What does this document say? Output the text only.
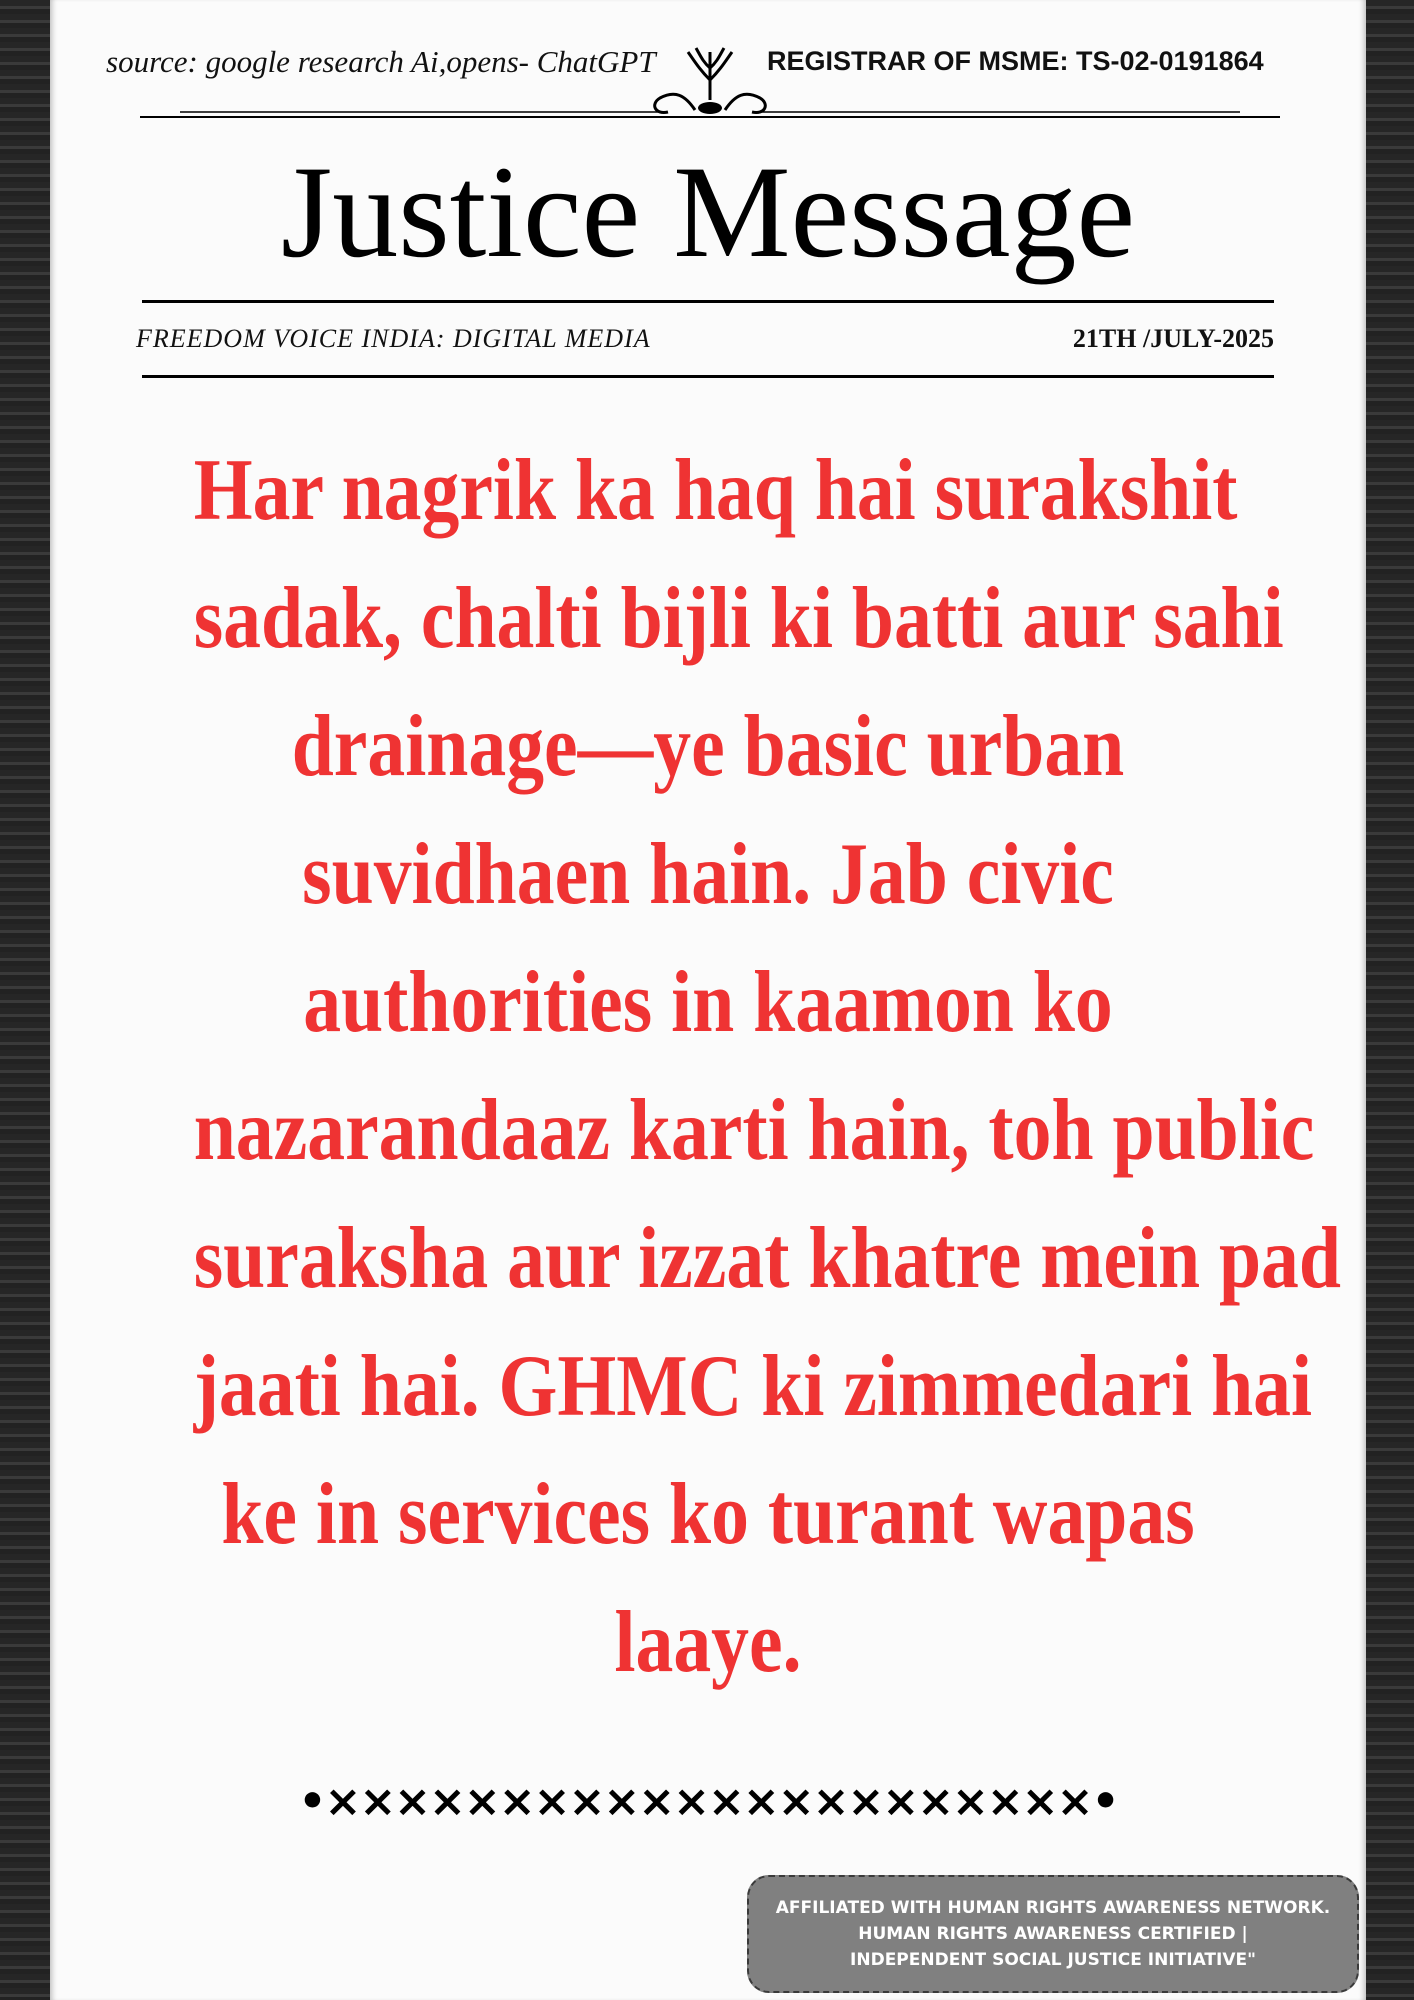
source: google research Ai,opens- ChatGPT	REGISTRAR OF MSME: TS-02-0191864
Justice Message
FREEDOM VOICE INDIA: DIGITAL MEDIA	21TH /JULY-2025
Har nagrik ka haq hai surakshit
sadak, chalti bijli ki batti aur sahi
drainage—ye basic urban
suvidhaen hain. Jab civic
authorities in kaamon ko
nazarandaaz karti hain, toh public
suraksha aur izzat khatre mein pad
jaati hai. GHMC ki zimmedari hai
ke in services ko turant wapas
laaye.
•××××××××××××××××××××××•
AFFILIATED WITH HUMAN RIGHTS AWARENESS NETWORK.
HUMAN RIGHTS AWARENESS CERTIFIED |
INDEPENDENT SOCIAL JUSTICE INITIATIVE"
